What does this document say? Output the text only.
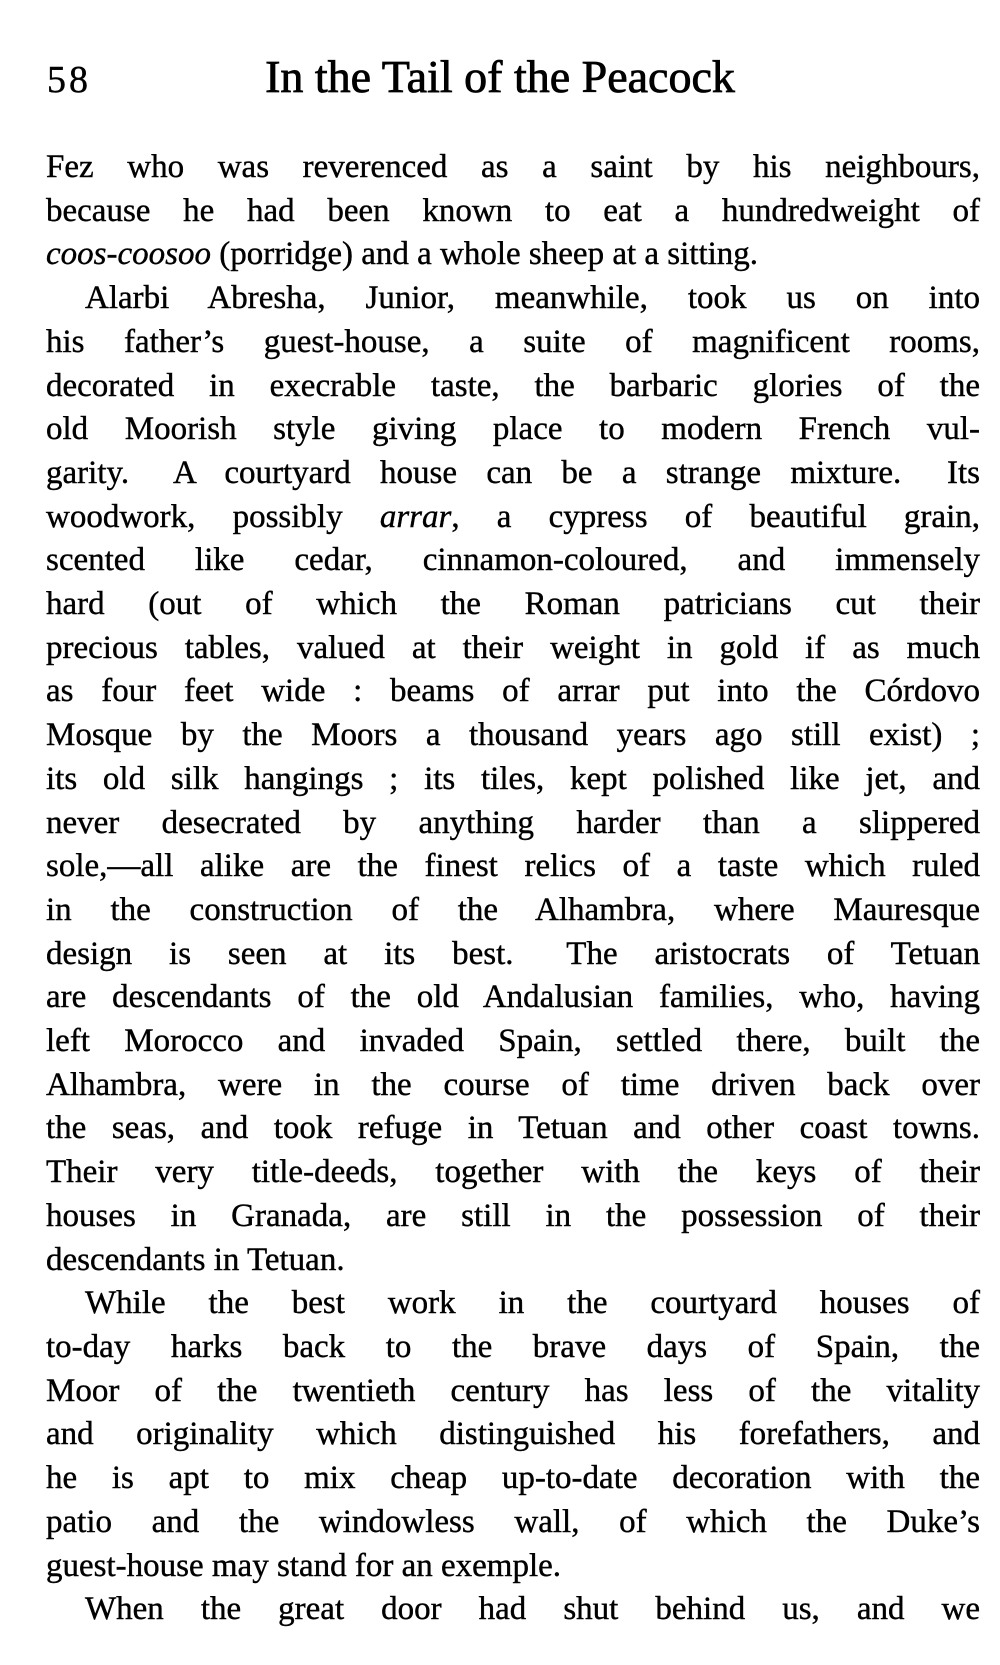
58	In the Tail of the Peacock
Fez who was reverenced as a saint by his neighbours,
because he had been known to eat a hundredweight of
coos-coosoo (porridge) and a whole sheep at a sitting.
Alarbi Abresha, Junior, meanwhile, took us on into
his father’s guest-house, a suite of magnificent rooms,
decorated in execrable taste, the barbaric glories of the
old Moorish style giving place to modern French vul-
garity.  A courtyard house can be a strange mixture.  Its
woodwork, possibly arrar, a cypress of beautiful grain,
scented like cedar, cinnamon-coloured, and immensely
hard (out of which the Roman patricians cut their
precious tables, valued at their weight in gold if as much
as four feet wide : beams of arrar put into the Córdovo
Mosque by the Moors a thousand years ago still exist) ;
its old silk hangings ; its tiles, kept polished like jet, and
never desecrated by anything harder than a slippered
sole,—all alike are the finest relics of a taste which ruled
in the construction of the Alhambra, where Mauresque
design is seen at its best.  The aristocrats of Tetuan
are descendants of the old Andalusian families, who, having
left Morocco and invaded Spain, settled there, built the
Alhambra, were in the course of time driven back over
the seas, and took refuge in Tetuan and other coast towns.
Their very title-deeds, together with the keys of their
houses in Granada, are still in the possession of their
descendants in Tetuan.
While the best work in the courtyard houses of
to-day harks back to the brave days of Spain, the
Moor of the twentieth century has less of the vitality
and originality which distinguished his forefathers, and
he is apt to mix cheap up-to-date decoration with the
patio and the windowless wall, of which the Duke’s
guest-house may stand for an exemple.
When the great door had shut behind us, and we
